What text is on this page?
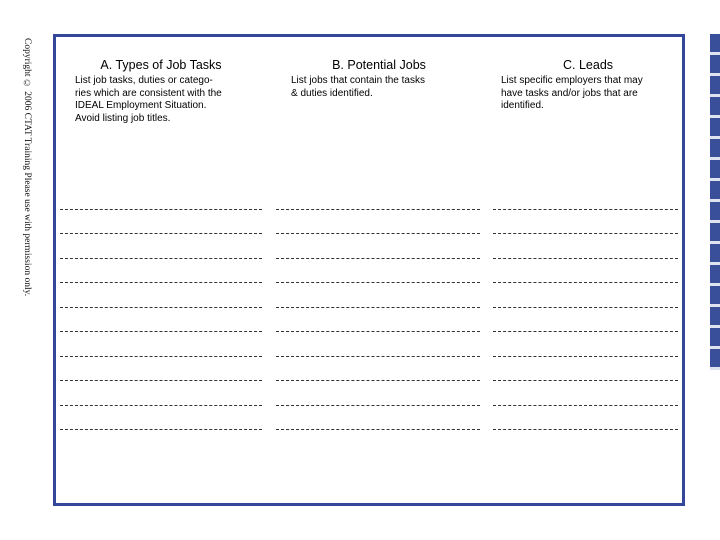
Copyright © 2006 CTAT Training Please use with permission only.	A. Types of Job Tasks

List job tasks, duties or catego-
ries which are consistent with the
IDEAL Employment Situation.
Avoid listing job titles.

B. Potential Jobs

List jobs that contain the tasks
& duties identified.

C. Leads

List specific employers that may
have tasks and/or jobs that are
identified.
